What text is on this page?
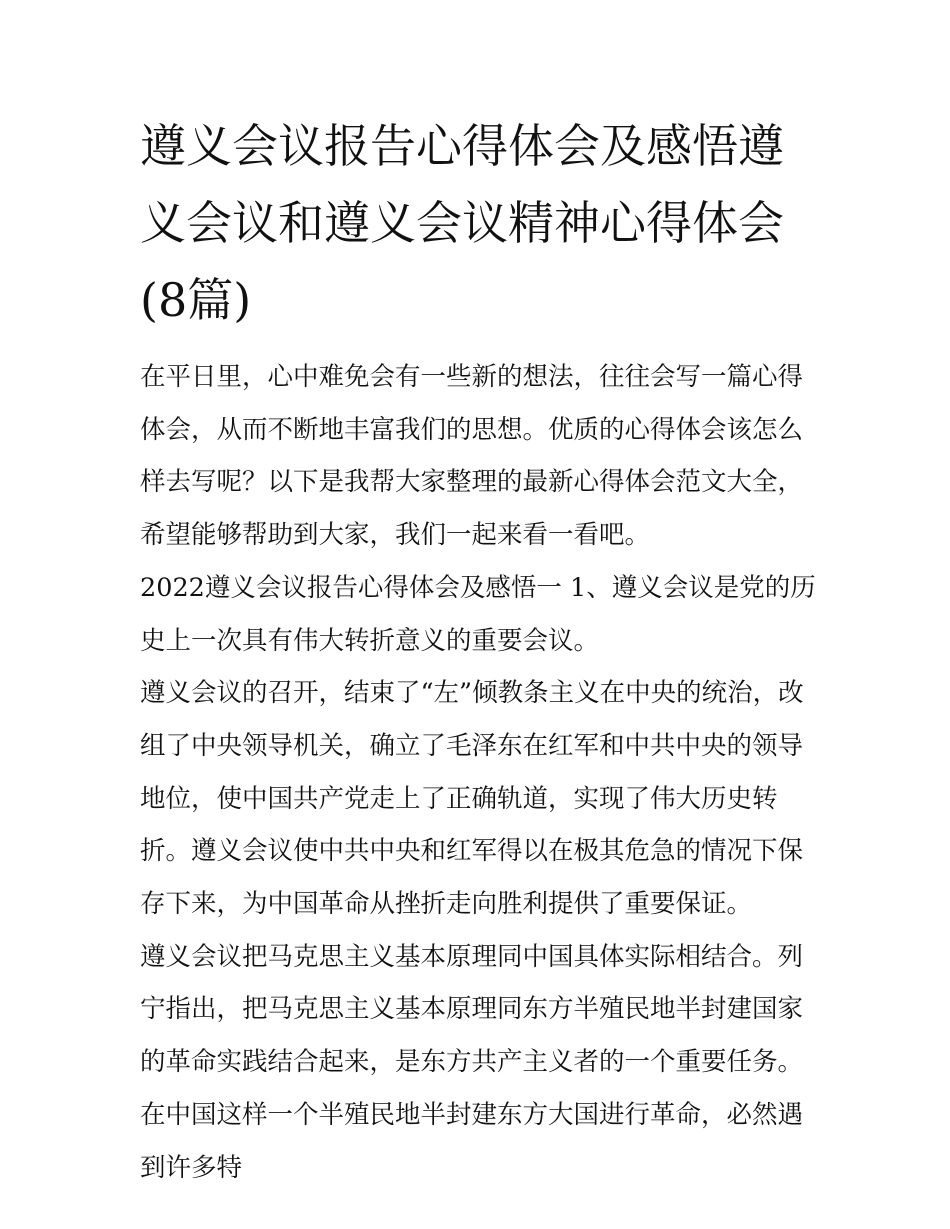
遵义会议报告心得体会及感悟遵义会议和遵义会议精神心得体会(8篇)

在平日里，心中难免会有一些新的想法，往往会写一篇心得体会，从而不断地丰富我们的思想。优质的心得体会该怎么样去写呢？以下是我帮大家整理的最新心得体会范文大全，希望能够帮助到大家，我们一起来看一看吧。

2022遵义会议报告心得体会及感悟一 1、遵义会议是党的历史上一次具有伟大转折意义的重要会议。

遵义会议的召开，结束了“左”倾教条主义在中央的统治，改组了中央领导机关，确立了毛泽东在红军和中共中央的领导地位，使中国共产党走上了正确轨道，实现了伟大历史转折。遵义会议使中共中央和红军得以在极其危急的情况下保存下来，为中国革命从挫折走向胜利提供了重要保证。

遵义会议把马克思主义基本原理同中国具体实际相结合。列宁指出，把马克思主义基本原理同东方半殖民地半封建国家的革命实践结合起来，是东方共产主义者的一个重要任务。在中国这样一个半殖民地半封建东方大国进行革命，必然遇到许多特
